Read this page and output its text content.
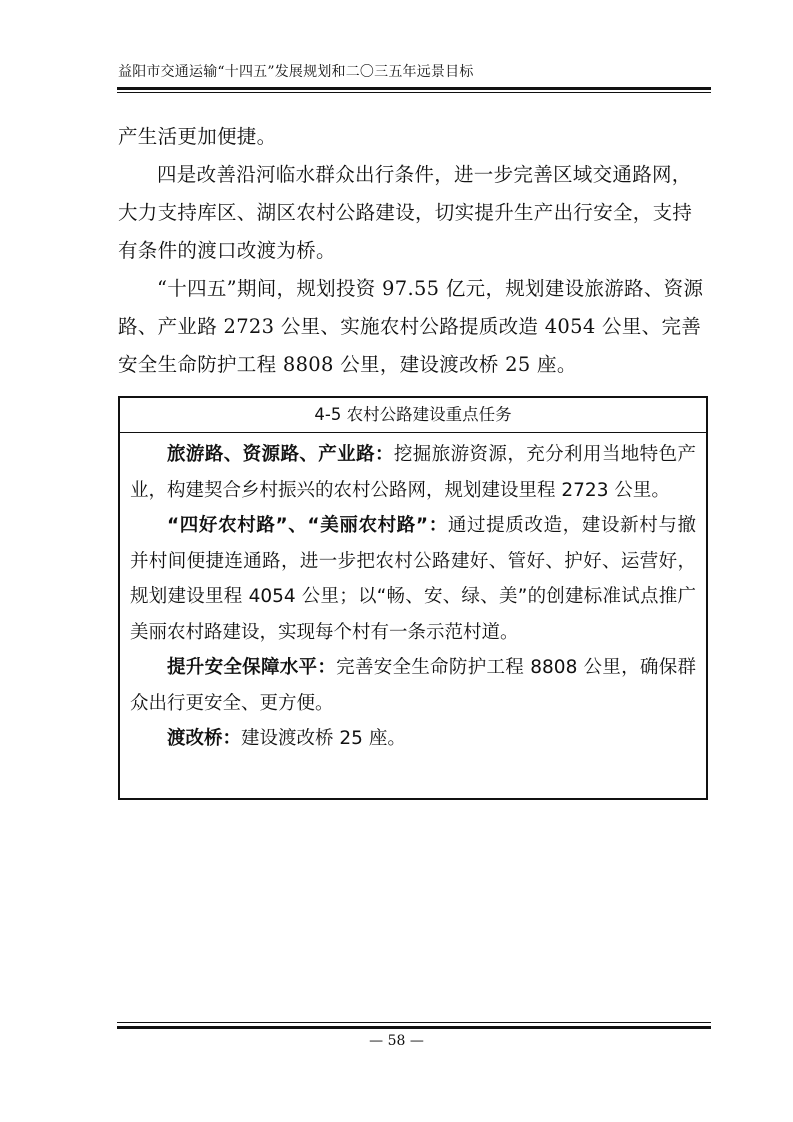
益阳市交通运输“十四五”发展规划和二〇三五年远景目标

产生活更加便捷。

四是改善沿河临水群众出行条件，进一步完善区域交通路网，大力支持库区、湖区农村公路建设，切实提升生产出行安全，支持有条件的渡口改渡为桥。

“十四五”期间，规划投资 97.55 亿元，规划建设旅游路、资源路、产业路 2723 公里、实施农村公路提质改造 4054 公里、完善安全生命防护工程 8808 公里，建设渡改桥 25 座。

4-5 农村公路建设重点任务

旅游路、资源路、产业路：挖掘旅游资源，充分利用当地特色产业，构建契合乡村振兴的农村公路网，规划建设里程 2723 公里。

“四好农村路”、“美丽农村路”：通过提质改造，建设新村与撤并村间便捷连通路，进一步把农村公路建好、管好、护好、运营好，规划建设里程 4054 公里；以“畅、安、绿、美”的创建标准试点推广美丽农村路建设，实现每个村有一条示范村道。

提升安全保障水平：完善安全生命防护工程 8808 公里，确保群众出行更安全、更方便。

渡改桥：建设渡改桥 25 座。

— 58 —
